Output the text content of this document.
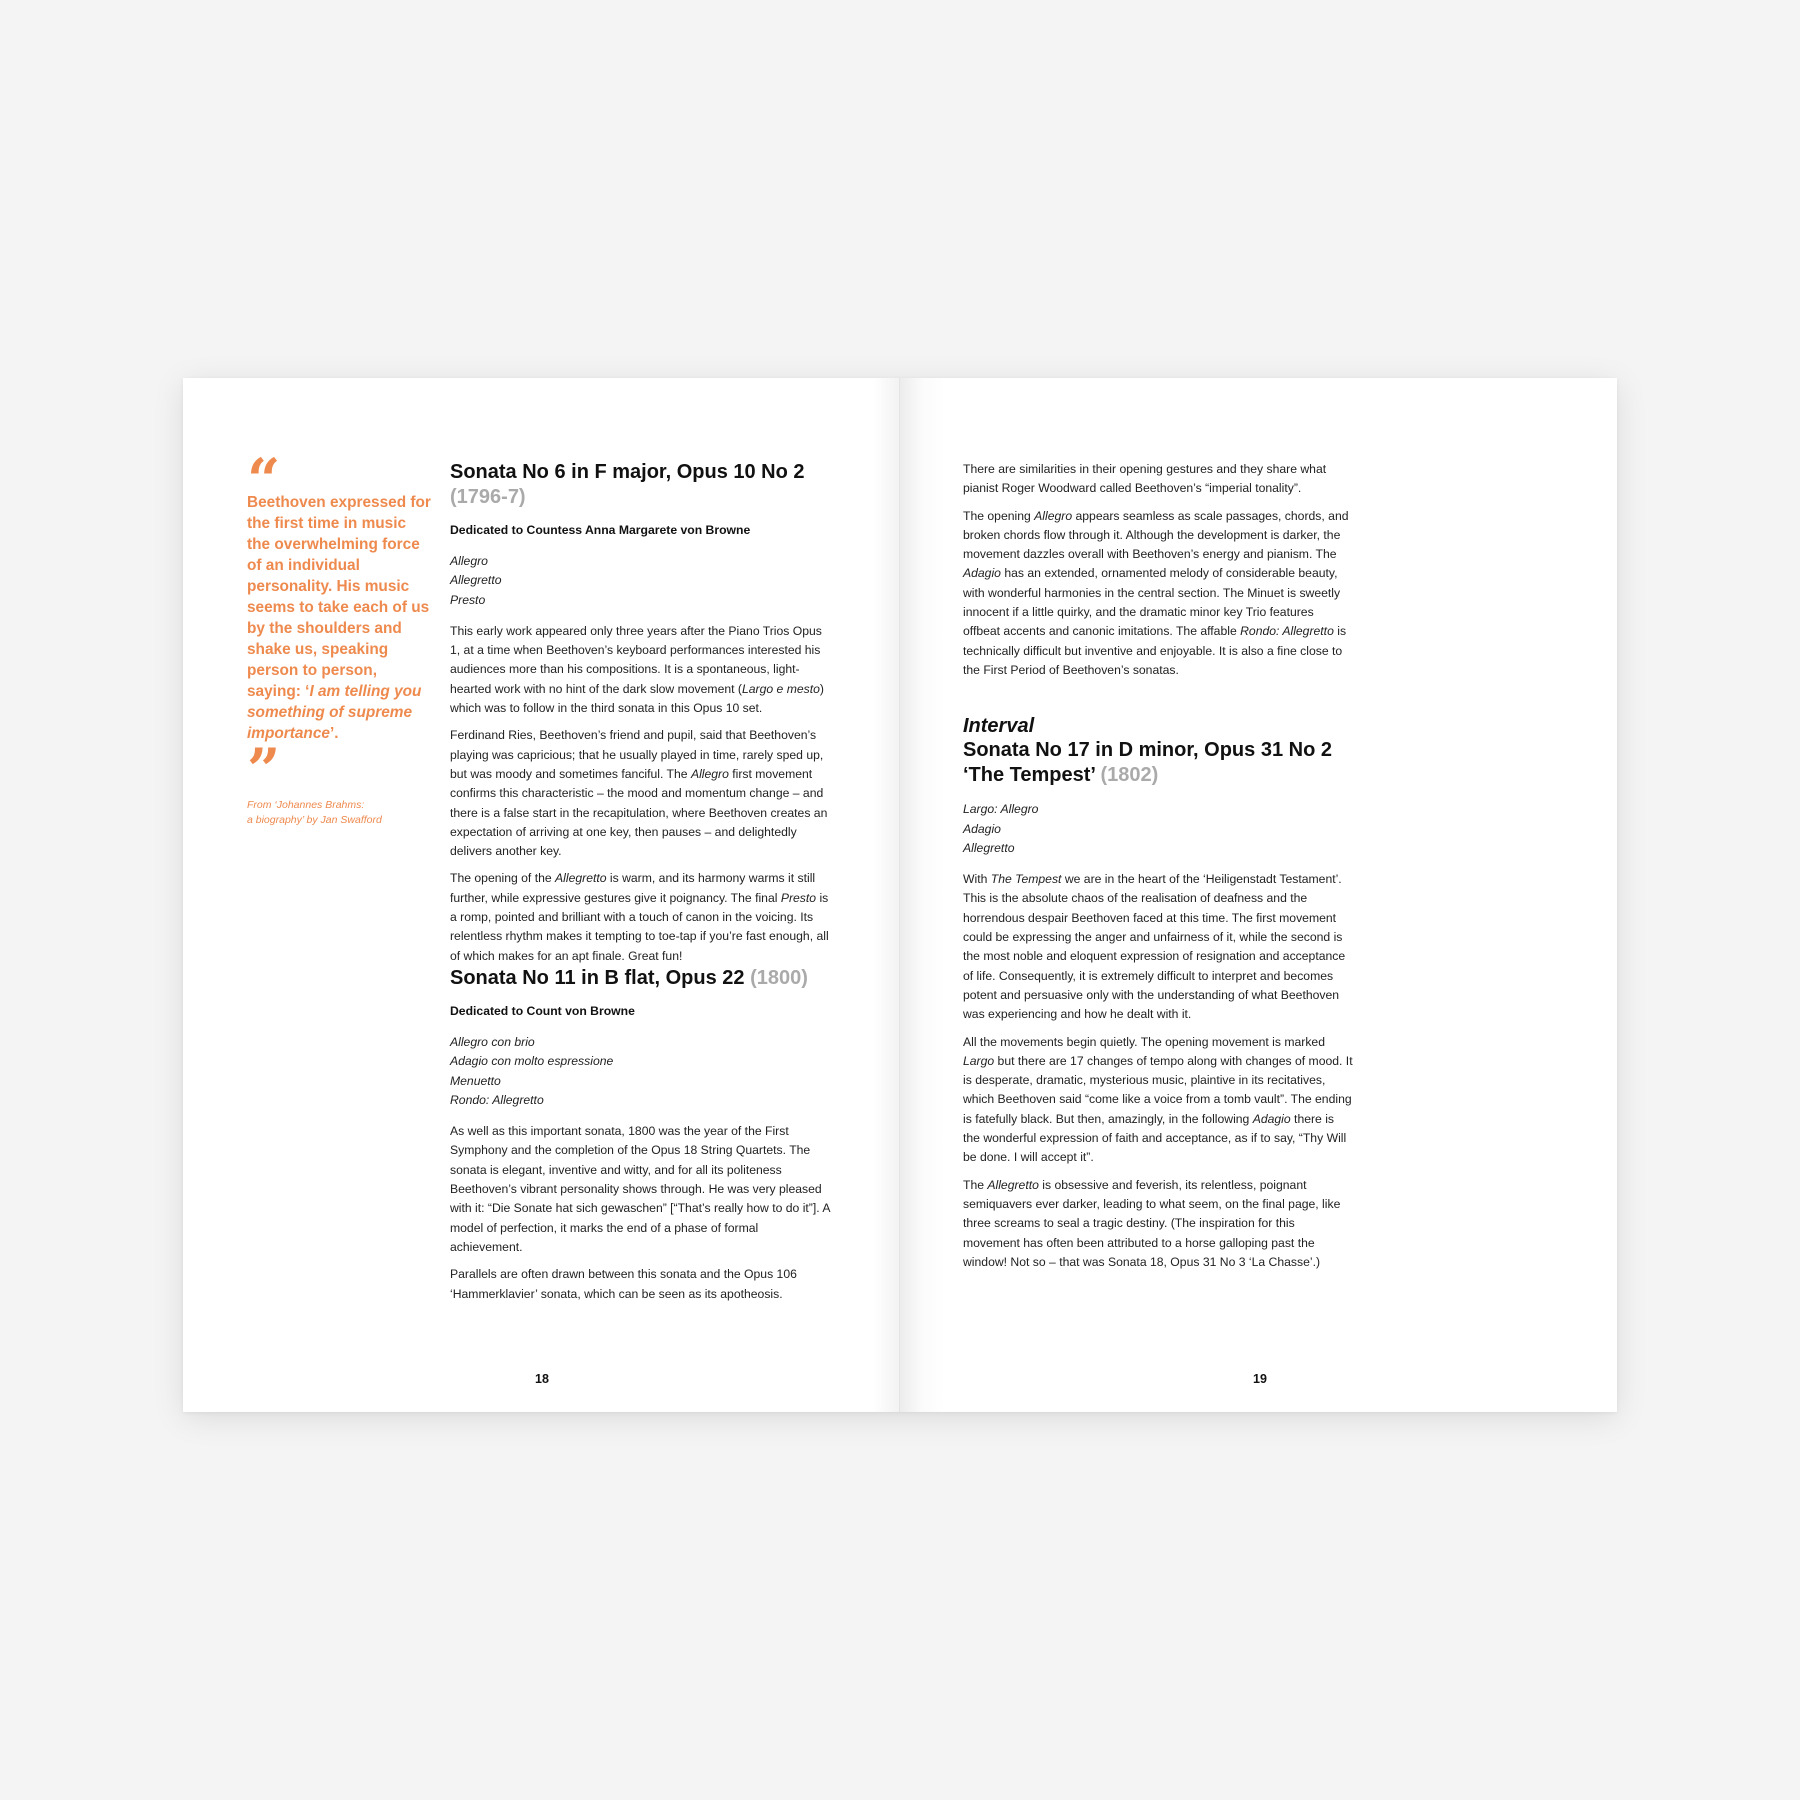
“

Beethoven expressed for the first time in music the overwhelming force of an individual personality. His music seems to take each of us by the shoulders and shake us, speaking person to person, saying: ‘I am telling you something of supreme importance’.

”
From ‘Johannes Brahms:
a biography’ by Jan Swafford
Sonata No 6 in F major, Opus 10 No 2
(1796-7)
Dedicated to Countess Anna Margarete von Browne
Allegro
Allegretto
Presto

This early work appeared only three years after the Piano Trios Opus 1, at a time when Beethoven’s keyboard performances interested his audiences more than his compositions. It is a spontaneous, light-hearted work with no hint of the dark slow movement (Largo e mesto) which was to follow in the third sonata in this Opus 10 set.

Ferdinand Ries, Beethoven’s friend and pupil, said that Beethoven’s playing was capricious; that he usually played in time, rarely sped up, but was moody and sometimes fanciful. The Allegro first movement confirms this characteristic – the mood and momentum change – and there is a false start in the recapitulation, where Beethoven creates an expectation of arriving at one key, then pauses – and delightedly delivers another key.

The opening of the Allegretto is warm, and its harmony warms it still further, while expressive gestures give it poignancy. The final Presto is a romp, pointed and brilliant with a touch of canon in the voicing. Its relentless rhythm makes it tempting to toe-tap if you’re fast enough, all of which makes for an apt finale. Great fun!

Sonata No 11 in B flat, Opus 22 (1800)
Dedicated to Count von Browne
Allegro con brio
Adagio con molto espressione
Menuetto
Rondo: Allegretto

As well as this important sonata, 1800 was the year of the First Symphony and the completion of the Opus 18 String Quartets. The sonata is elegant, inventive and witty, and for all its politeness Beethoven’s vibrant personality shows through. He was very pleased with it: “Die Sonate hat sich gewaschen” [“That’s really how to do it”]. A model of perfection, it marks the end of a phase of formal achievement.

Parallels are often drawn between this sonata and the Opus 106 ‘Hammerklavier’ sonata, which can be seen as its apotheosis.

18

There are similarities in their opening gestures and they share what pianist Roger Woodward called Beethoven’s “imperial tonality”.

The opening Allegro appears seamless as scale passages, chords, and broken chords flow through it. Although the development is darker, the movement dazzles overall with Beethoven’s energy and pianism. The Adagio has an extended, ornamented melody of considerable beauty, with wonderful harmonies in the central section. The Minuet is sweetly innocent if a little quirky, and the dramatic minor key Trio features offbeat accents and canonic imitations. The affable Rondo: Allegretto is technically difficult but inventive and enjoyable. It is also a fine close to the First Period of Beethoven’s sonatas.

Interval
Sonata No 17 in D minor, Opus 31 No 2
‘The Tempest’ (1802)
Largo: Allegro
Adagio
Allegretto

With The Tempest we are in the heart of the ‘Heiligenstadt Testament’. This is the absolute chaos of the realisation of deafness and the horrendous despair Beethoven faced at this time. The first movement could be expressing the anger and unfairness of it, while the second is the most noble and eloquent expression of resignation and acceptance of life. Consequently, it is extremely difficult to interpret and becomes potent and persuasive only with the understanding of what Beethoven was experiencing and how he dealt with it.

All the movements begin quietly. The opening movement is marked Largo but there are 17 changes of tempo along with changes of mood. It is desperate, dramatic, mysterious music, plaintive in its recitatives, which Beethoven said “come like a voice from a tomb vault”. The ending is fatefully black. But then, amazingly, in the following Adagio there is the wonderful expression of faith and acceptance, as if to say, “Thy Will be done. I will accept it”.

The Allegretto is obsessive and feverish, its relentless, poignant semiquavers ever darker, leading to what seem, on the final page, like three screams to seal a tragic destiny. (The inspiration for this movement has often been attributed to a horse galloping past the window! Not so – that was Sonata 18, Opus 31 No 3 ‘La Chasse’.)

19
